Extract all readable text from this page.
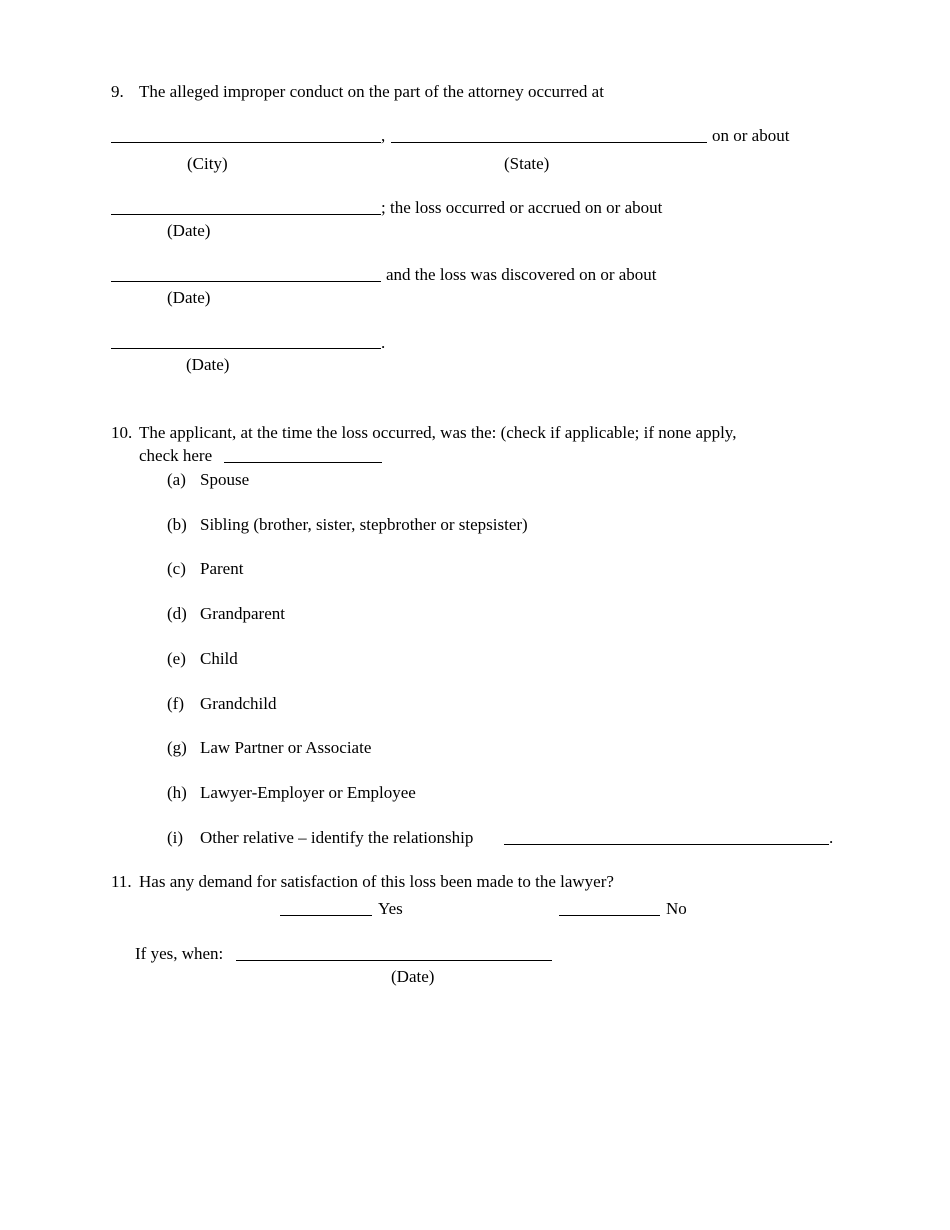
9. The alleged improper conduct on the part of the attorney occurred at
,	on or about
(City)	(State)
; the loss occurred or accrued on or about
(Date)
and the loss was discovered on or about
(Date)
.
(Date)
10. The applicant, at the time the loss occurred, was the: (check if applicable; if none apply,
check here
(a) Spouse
(b) Sibling (brother, sister, stepbrother or stepsister)
(c) Parent
(d) Grandparent
(e) Child
(f) Grandchild
(g) Law Partner or Associate
(h) Lawyer-Employer or Employee
(i) Other relative – identify the relationship	.
11. Has any demand for satisfaction of this loss been made to the lawyer?
Yes	No
If yes, when:
(Date)
